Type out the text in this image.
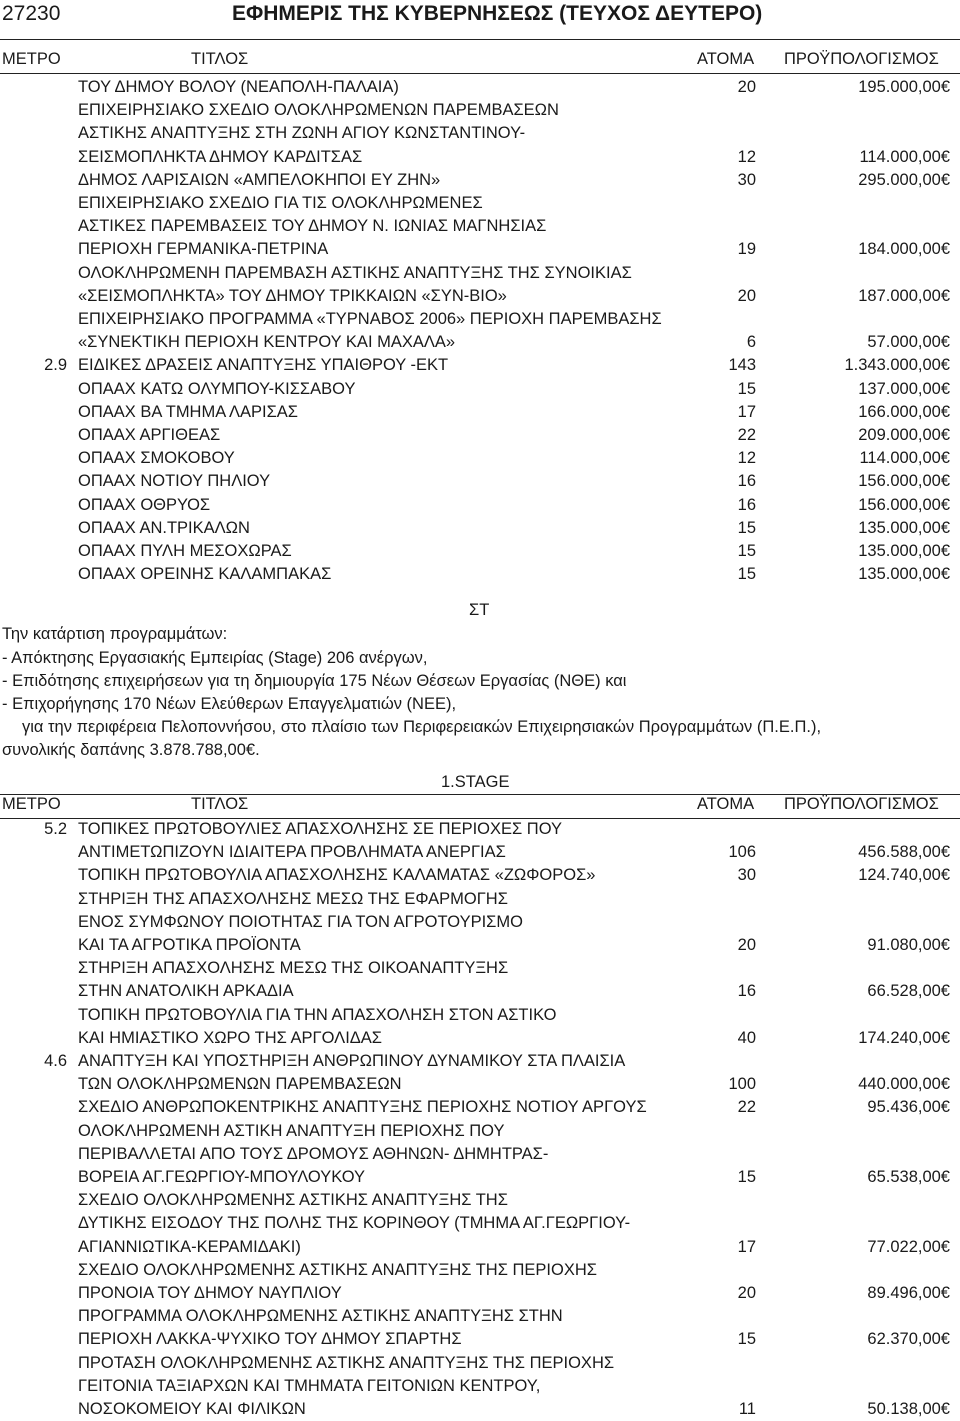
27230	ΕΦΗΜΕΡΙΣ ΤΗΣ ΚΥΒΕΡΝΗΣΕΩΣ (ΤΕΥΧΟΣ ΔΕΥΤΕΡΟ)
ΜΕΤΡΟ	ΤΙΤΛΟΣ	ΑΤΟΜΑ ΠΡΟΫΠΟΛΟΓΙΣΜΟΣ
ΤΟΥ ΔΗΜΟΥ ΒΟΛΟΥ (ΝΕΑΠΟΛΗ-ΠΑΛΑΙΑ)	20	195.000,00€
ΕΠΙΧΕΙΡΗΣΙΑΚΟ ΣΧΕΔΙΟ ΟΛΟΚΛΗΡΩΜΕΝΩΝ ΠΑΡΕΜΒΑΣΕΩΝ
ΑΣΤΙΚΗΣ ΑΝΑΠΤΥΞΗΣ ΣΤΗ ΖΩΝΗ ΑΓΙΟΥ ΚΩΝΣΤΑΝΤΙΝΟΥ-
ΣΕΙΣΜΟΠΛΗΚΤΑ ΔΗΜΟΥ ΚΑΡΔΙΤΣΑΣ	12	114.000,00€
ΔΗΜΟΣ ΛΑΡΙΣΑΙΩΝ «ΑΜΠΕΛΟΚΗΠΟΙ ΕΥ ΖΗΝ»	30	295.000,00€
ΕΠΙΧΕΙΡΗΣΙΑΚΟ ΣΧΕΔΙΟ ΓΙΑ ΤΙΣ ΟΛΟΚΛΗΡΩΜΕΝΕΣ
ΑΣΤΙΚΕΣ ΠΑΡΕΜΒΑΣΕΙΣ ΤΟΥ ΔΗΜΟΥ Ν. ΙΩΝΙΑΣ ΜΑΓΝΗΣΙΑΣ
ΠΕΡΙΟΧΗ ΓΕΡΜΑΝΙΚΑ-ΠΕΤΡΙΝΑ	19	184.000,00€
ΟΛΟΚΛΗΡΩΜΕΝΗ ΠΑΡΕΜΒΑΣΗ ΑΣΤΙΚΗΣ ΑΝΑΠΤΥΞΗΣ ΤΗΣ ΣΥΝΟΙΚΙΑΣ
«ΣΕΙΣΜΟΠΛΗΚΤΑ» ΤΟΥ ΔΗΜΟΥ ΤΡΙΚΚΑΙΩΝ «ΣΥΝ-ΒΙΟ»	20	187.000,00€
ΕΠΙΧΕΙΡΗΣΙΑΚΟ ΠΡΟΓΡΑΜΜΑ «ΤΥΡΝΑΒΟΣ 2006» ΠΕΡΙΟΧΗ ΠΑΡΕΜΒΑΣΗΣ
«ΣΥΝΕΚΤΙΚΗ ΠΕΡΙΟΧΗ ΚΕΝΤΡΟΥ ΚΑΙ ΜΑΧΑΛΑ»	6	57.000,00€
2.9 ΕΙΔΙΚΕΣ ΔΡΑΣΕΙΣ ΑΝΑΠΤΥΞΗΣ ΥΠΑΙΘΡΟΥ -ΕΚΤ	143	1.343.000,00€
ΟΠΑΑΧ ΚΑΤΩ ΟΛΥΜΠΟΥ-ΚΙΣΣΑΒΟΥ	15	137.000,00€
ΟΠΑΑΧ ΒΑ ΤΜΗΜΑ ΛΑΡΙΣΑΣ	17	166.000,00€
ΟΠΑΑΧ ΑΡΓΙΘΕΑΣ	22	209.000,00€
ΟΠΑΑΧ ΣΜΟΚΟΒΟΥ	12	114.000,00€
ΟΠΑΑΧ ΝΟΤΙΟΥ ΠΗΛΙΟΥ	16	156.000,00€
ΟΠΑΑΧ ΟΘΡΥΟΣ	16	156.000,00€
ΟΠΑΑΧ ΑΝ.ΤΡΙΚΑΛΩΝ	15	135.000,00€
ΟΠΑΑΧ ΠΥΛΗ ΜΕΣΟΧΩΡΑΣ	15	135.000,00€
ΟΠΑΑΧ ΟΡΕΙΝΗΣ ΚΑΛΑΜΠΑΚΑΣ	15	135.000,00€
ΣΤ
Την κατάρτιση προγραμμάτων:
- Απόκτησης Εργασιακής Εμπειρίας (Stage) 206 ανέργων,
- Επιδότησης επιχειρήσεων για τη δημιουργία 175 Νέων Θέσεων Εργασίας (ΝΘΕ) και
- Επιχορήγησης 170 Νέων Ελεύθερων Επαγγελματιών (ΝΕΕ),
για την περιφέρεια Πελοποννήσου, στο πλαίσιο των Περιφερειακών Επιχειρησιακών Προγραμμάτων (Π.Ε.Π.),
συνολικής δαπάνης 3.878.788,00€.
1.STAGE
ΜΕΤΡΟ	ΤΙΤΛΟΣ	ΑΤΟΜΑ ΠΡΟΫΠΟΛΟΓΙΣΜΟΣ
5.2 ΤΟΠΙΚΕΣ ΠΡΩΤΟΒΟΥΛΙΕΣ ΑΠΑΣΧΟΛΗΣΗΣ ΣΕ ΠΕΡΙΟΧΕΣ ΠΟΥ
ΑΝΤΙΜΕΤΩΠΙΖΟΥΝ ΙΔΙΑΙΤΕΡΑ ΠΡΟΒΛΗΜΑΤΑ ΑΝΕΡΓΙΑΣ	106	456.588,00€
ΤΟΠΙΚΗ ΠΡΩΤΟΒΟΥΛΙΑ ΑΠΑΣΧΟΛΗΣΗΣ ΚΑΛΑΜΑΤΑΣ «ΖΩΦΟΡΟΣ»	30	124.740,00€
ΣΤΗΡΙΞΗ ΤΗΣ ΑΠΑΣΧΟΛΗΣΗΣ ΜΕΣΩ ΤΗΣ ΕΦΑΡΜΟΓΗΣ
ΕΝΟΣ ΣΥΜΦΩΝΟΥ ΠΟΙΟΤΗΤΑΣ ΓΙΑ ΤΟΝ ΑΓΡΟΤΟΥΡΙΣΜΟ
ΚΑΙ ΤΑ ΑΓΡΟΤΙΚΑ ΠΡΟΪΟΝΤΑ	20	91.080,00€
ΣΤΗΡΙΞΗ ΑΠΑΣΧΟΛΗΣΗΣ ΜΕΣΩ ΤΗΣ ΟΙΚΟΑΝΑΠΤΥΞΗΣ
ΣΤΗΝ ΑΝΑΤΟΛΙΚΗ ΑΡΚΑΔΙΑ	16	66.528,00€
ΤΟΠΙΚΗ ΠΡΩΤΟΒΟΥΛΙΑ ΓΙΑ ΤΗΝ ΑΠΑΣΧΟΛΗΣΗ ΣΤΟΝ ΑΣΤΙΚΟ
ΚΑΙ ΗΜΙΑΣΤΙΚΟ ΧΩΡΟ ΤΗΣ ΑΡΓΟΛΙΔΑΣ	40	174.240,00€
4.6 ΑΝΑΠΤΥΞΗ ΚΑΙ ΥΠΟΣΤΗΡΙΞΗ ΑΝΘΡΩΠΙΝΟΥ ΔΥΝΑΜΙΚΟΥ ΣΤΑ ΠΛΑΙΣΙΑ
ΤΩΝ ΟΛΟΚΛΗΡΩΜΕΝΩΝ ΠΑΡΕΜΒΑΣΕΩΝ	100	440.000,00€
ΣΧΕΔΙΟ ΑΝΘΡΩΠΟΚΕΝΤΡΙΚΗΣ ΑΝΑΠΤΥΞΗΣ ΠΕΡΙΟΧΗΣ ΝΟΤΙΟΥ ΑΡΓΟΥΣ	22	95.436,00€
ΟΛΟΚΛΗΡΩΜΕΝΗ ΑΣΤΙΚΗ ΑΝΑΠΤΥΞΗ ΠΕΡΙΟΧΗΣ ΠΟΥ
ΠΕΡΙΒΑΛΛΕΤΑΙ ΑΠΟ ΤΟΥΣ ΔΡΟΜΟΥΣ ΑΘΗΝΩΝ- ΔΗΜΗΤΡΑΣ-
ΒΟΡΕΙΑ ΑΓ.ΓΕΩΡΓΙΟΥ-ΜΠΟΥΛΟΥΚΟΥ	15	65.538,00€
ΣΧΕΔΙΟ ΟΛΟΚΛΗΡΩΜΕΝΗΣ ΑΣΤΙΚΗΣ ΑΝΑΠΤΥΞΗΣ ΤΗΣ
ΔΥΤΙΚΗΣ ΕΙΣΟΔΟΥ ΤΗΣ ΠΟΛΗΣ ΤΗΣ ΚΟΡΙΝΘΟΥ (ΤΜΗΜΑ ΑΓ.ΓΕΩΡΓΙΟΥ-
ΑΓΙΑΝΝΙΩΤΙΚΑ-ΚΕΡΑΜΙΔΑΚΙ)	17	77.022,00€
ΣΧΕΔΙΟ ΟΛΟΚΛΗΡΩΜΕΝΗΣ ΑΣΤΙΚΗΣ ΑΝΑΠΤΥΞΗΣ ΤΗΣ ΠΕΡΙΟΧΗΣ
ΠΡΟΝΟΙΑ ΤΟΥ ΔΗΜΟΥ ΝΑΥΠΛΙΟΥ	20	89.496,00€
ΠΡΟΓΡΑΜΜΑ ΟΛΟΚΛΗΡΩΜΕΝΗΣ ΑΣΤΙΚΗΣ ΑΝΑΠΤΥΞΗΣ ΣΤΗΝ
ΠΕΡΙΟΧΗ ΛΑΚΚΑ-ΨΥΧΙΚΟ ΤΟΥ ΔΗΜΟΥ ΣΠΑΡΤΗΣ	15	62.370,00€
ΠΡΟΤΑΣΗ ΟΛΟΚΛΗΡΩΜΕΝΗΣ ΑΣΤΙΚΗΣ ΑΝΑΠΤΥΞΗΣ ΤΗΣ ΠΕΡΙΟΧΗΣ
ΓΕΙΤΟΝΙΑ ΤΑΞΙΑΡΧΩΝ ΚΑΙ ΤΜΗΜΑΤΑ ΓΕΙΤΟΝΙΩΝ ΚΕΝΤΡΟΥ,
ΝΟΣΟΚΟΜΕΙΟΥ ΚΑΙ ΦΙΛΙΚΩΝ	11	50.138,00€
